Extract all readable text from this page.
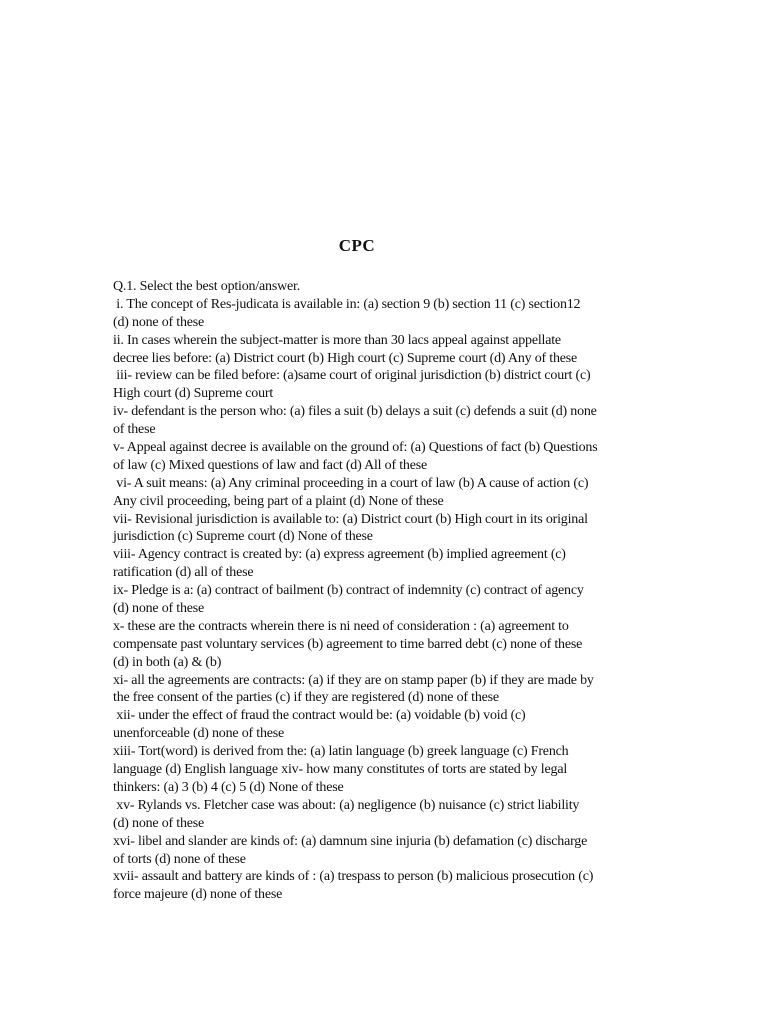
CPC
Q.1. Select the best option/answer.
i. The concept of Res-judicata is available in: (a) section 9 (b) section 11 (c) section12
(d) none of these
ii. In cases wherein the subject-matter is more than 30 lacs appeal against appellate
decree lies before: (a) District court (b) High court (c) Supreme court (d) Any of these
iii- review can be filed before: (a)same court of original jurisdiction (b) district court (c)
High court (d) Supreme court
iv- defendant is the person who: (a) files a suit (b) delays a suit (c) defends a suit (d) none
of these
v- Appeal against decree is available on the ground of: (a) Questions of fact (b) Questions
of law (c) Mixed questions of law and fact (d) All of these
vi- A suit means: (a) Any criminal proceeding in a court of law (b) A cause of action (c)
Any civil proceeding, being part of a plaint (d) None of these
vii- Revisional jurisdiction is available to: (a) District court (b) High court in its original
jurisdiction (c) Supreme court (d) None of these
viii- Agency contract is created by: (a) express agreement (b) implied agreement (c)
ratification (d) all of these
ix- Pledge is a: (a) contract of bailment (b) contract of indemnity (c) contract of agency
(d) none of these
x- these are the contracts wherein there is ni need of consideration : (a) agreement to
compensate past voluntary services (b) agreement to time barred debt (c) none of these
(d) in both (a) & (b)
xi- all the agreements are contracts: (a) if they are on stamp paper (b) if they are made by
the free consent of the parties (c) if they are registered (d) none of these
xii- under the effect of fraud the contract would be: (a) voidable (b) void (c)
unenforceable (d) none of these
xiii- Tort(word) is derived from the: (a) latin language (b) greek language (c) French
language (d) English language xiv- how many constitutes of torts are stated by legal
thinkers: (a) 3 (b) 4 (c) 5 (d) None of these
xv- Rylands vs. Fletcher case was about: (a) negligence (b) nuisance (c) strict liability
(d) none of these
xvi- libel and slander are kinds of: (a) damnum sine injuria (b) defamation (c) discharge
of torts (d) none of these
xvii- assault and battery are kinds of : (a) trespass to person (b) malicious prosecution (c)
force majeure (d) none of these
